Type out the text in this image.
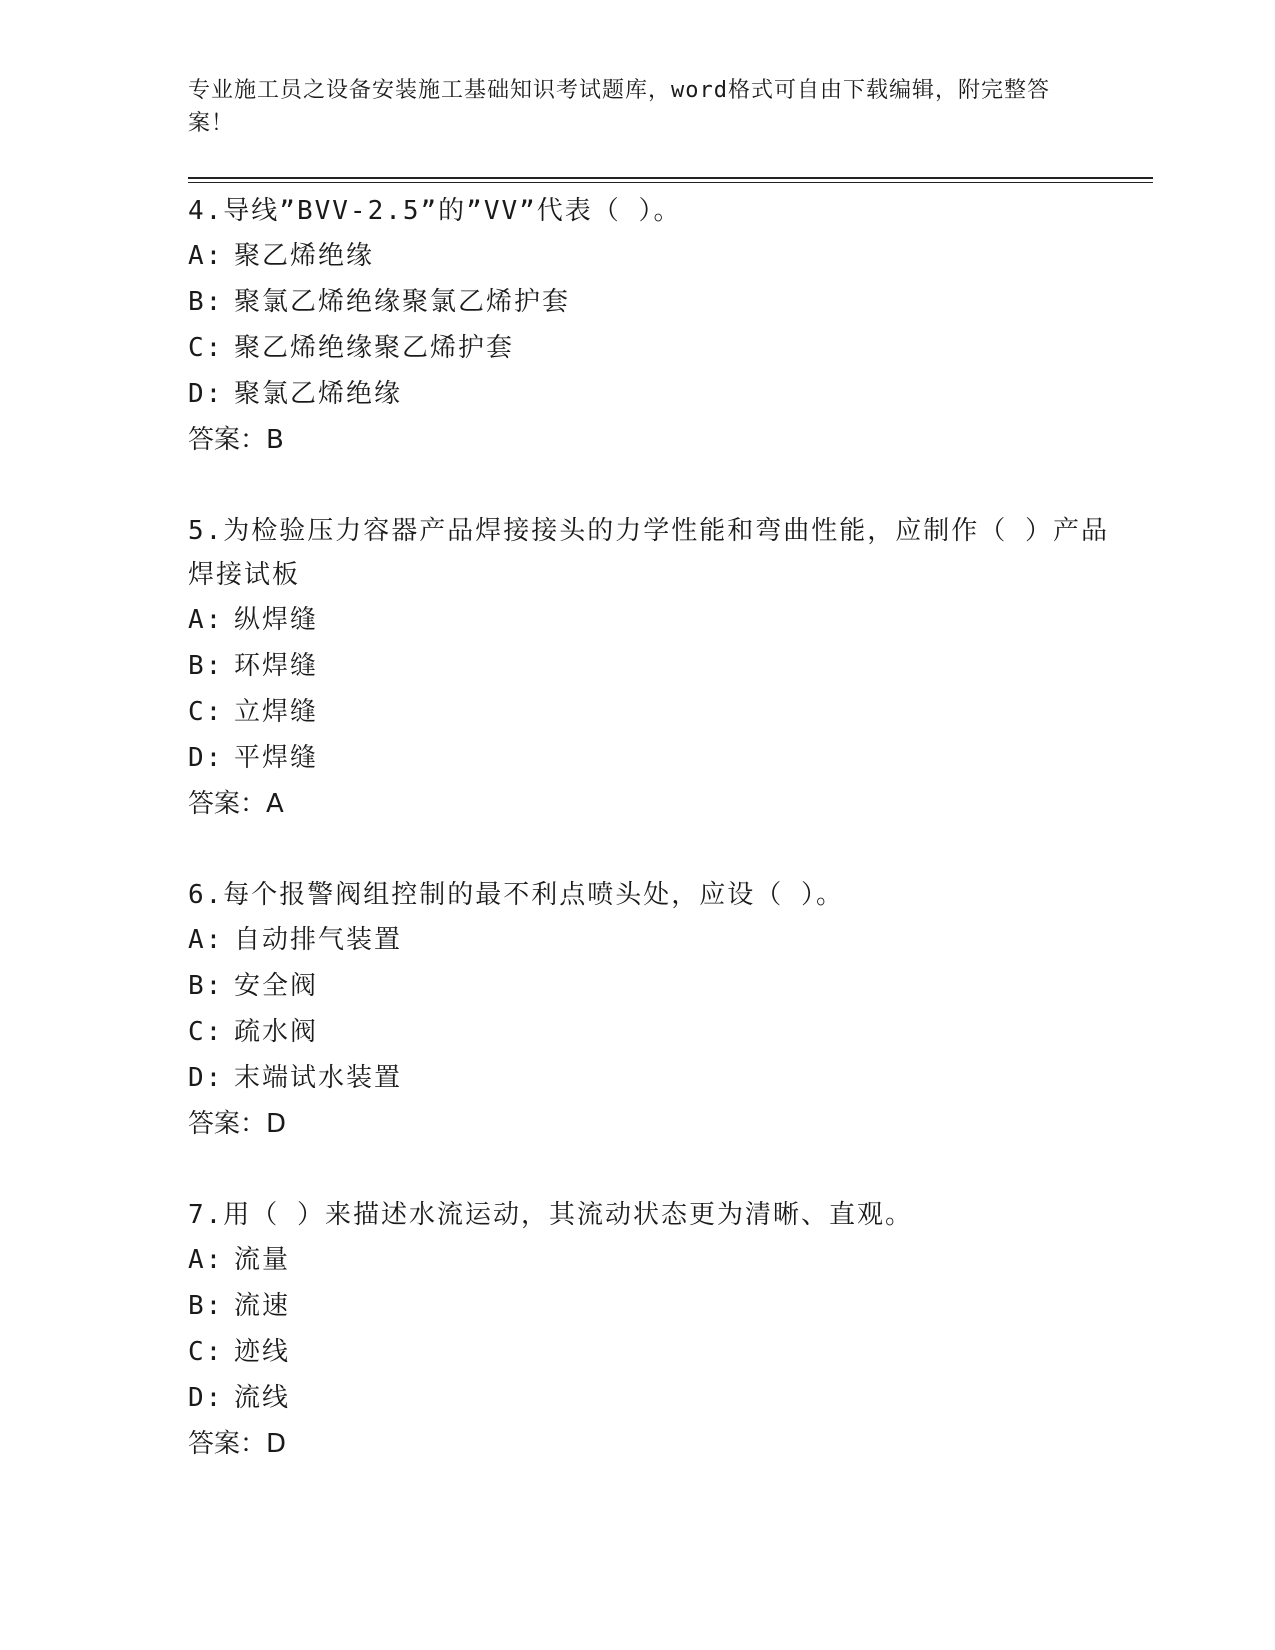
专业施工员之设备安装施工基础知识考试题库，word格式可自由下载编辑，附完整答案！

4.导线”BVV-2.5”的”VV”代表（ ）。

A: 聚乙烯绝缘

B: 聚氯乙烯绝缘聚氯乙烯护套

C: 聚乙烯绝缘聚乙烯护套

D: 聚氯乙烯绝缘

答案：B

5.为检验压力容器产品焊接接头的力学性能和弯曲性能，应制作（ ）产品焊接试板

A: 纵焊缝

B: 环焊缝

C: 立焊缝

D: 平焊缝

答案：A

6.每个报警阀组控制的最不利点喷头处，应设（ ）。

A: 自动排气装置

B: 安全阀

C: 疏水阀

D: 末端试水装置

答案：D

7.用（ ）来描述水流运动，其流动状态更为清晰、直观。

A: 流量

B: 流速

C: 迹线

D: 流线

答案：D
